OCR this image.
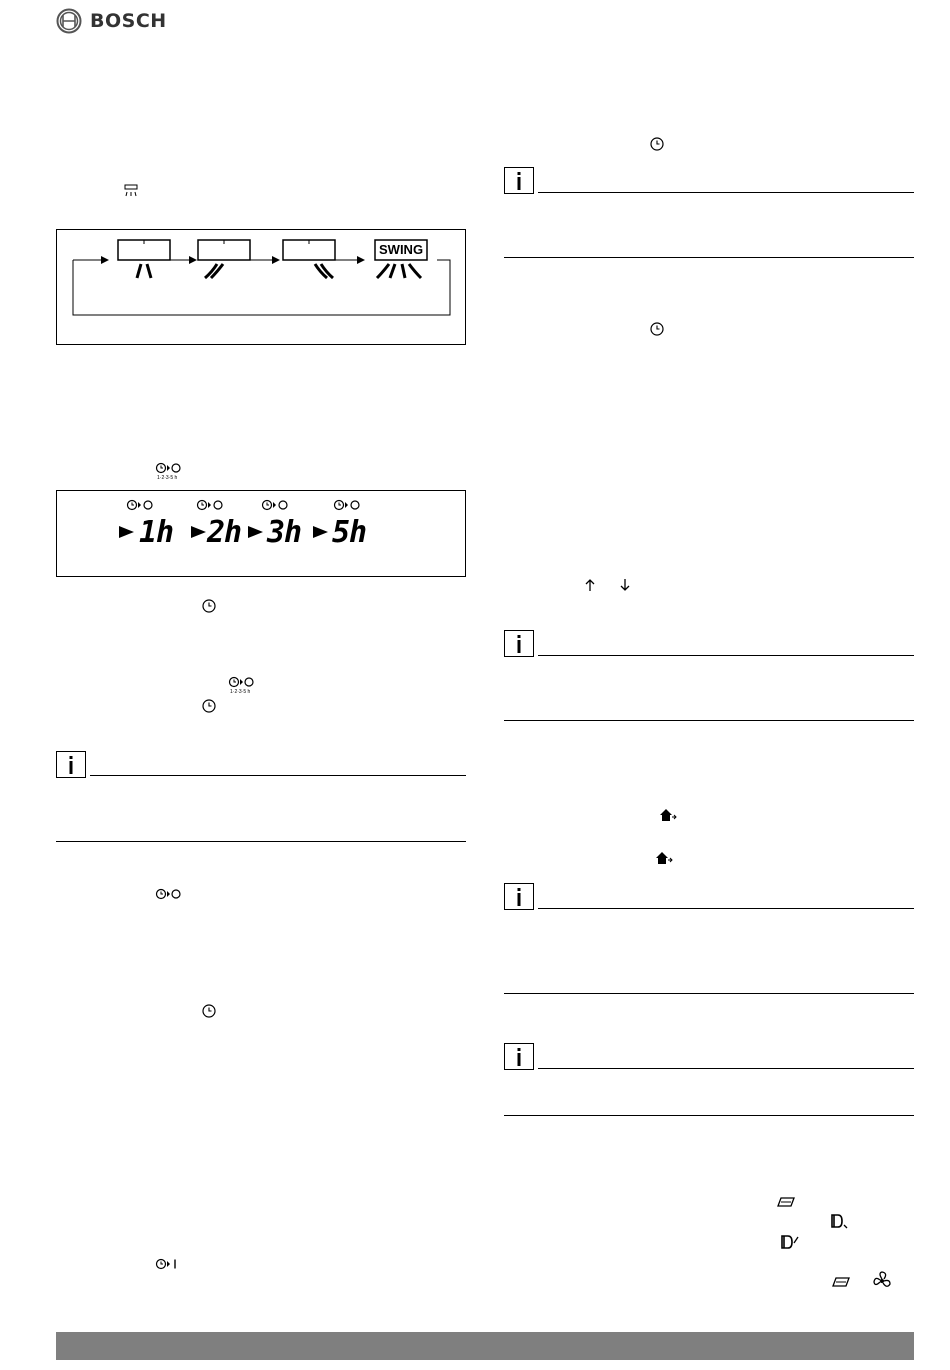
BOSCH
SWING
1·2·3·5 h
1h 2h 3h 5h
1·2·3·5 h
